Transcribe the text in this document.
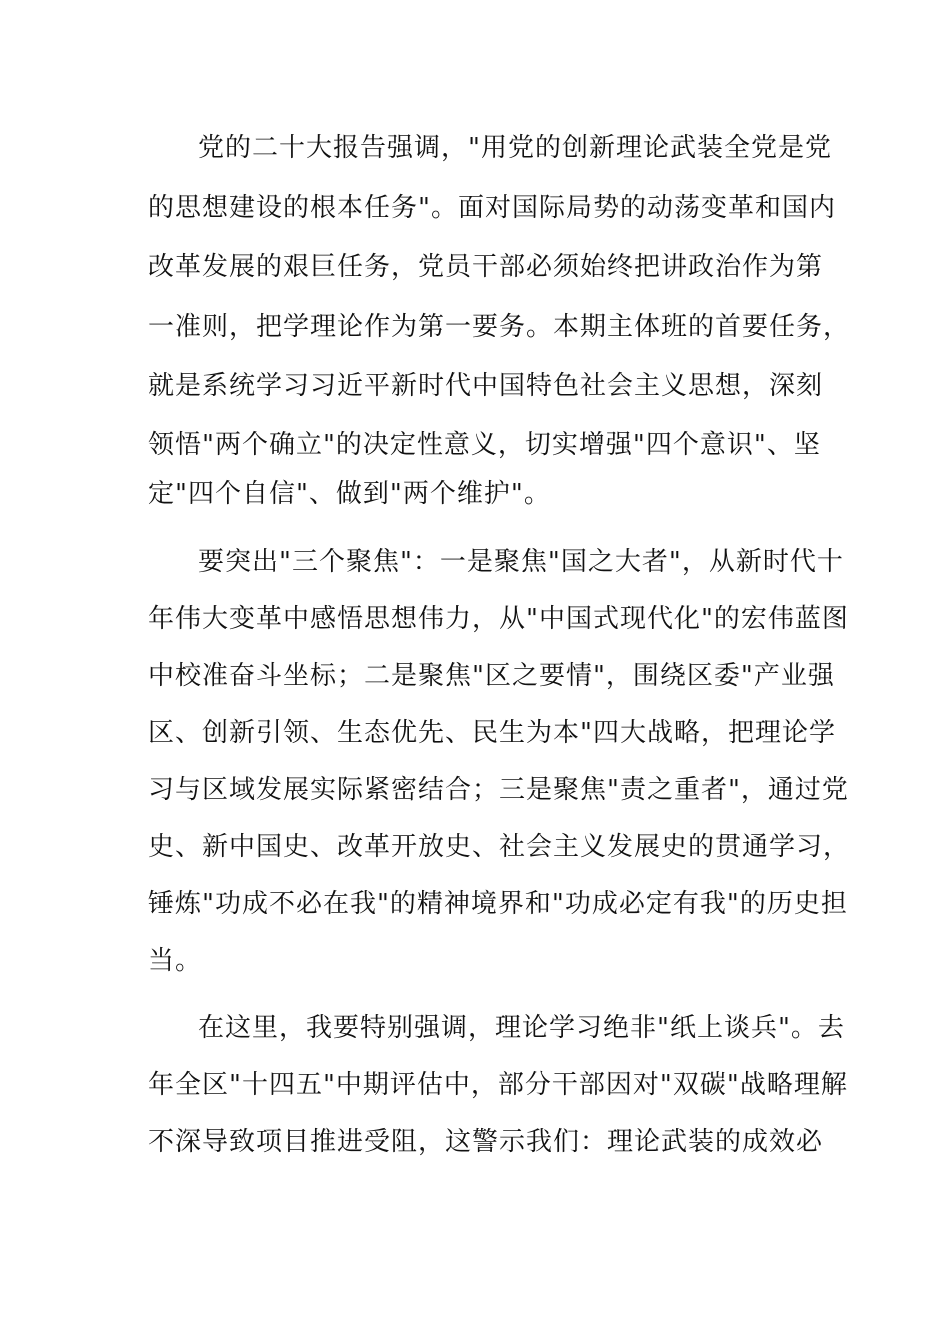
党的二十大报告强调，"用党的创新理论武装全党是党
的思想建设的根本任务"。面对国际局势的动荡变革和国内
改革发展的艰巨任务，党员干部必须始终把讲政治作为第
一准则，把学理论作为第一要务。本期主体班的首要任务，
就是系统学习习近平新时代中国特色社会主义思想，深刻
领悟"两个确立"的决定性意义，切实增强"四个意识"、坚
定"四个自信"、做到"两个维护"。
要突出"三个聚焦"：一是聚焦"国之大者"，从新时代十
年伟大变革中感悟思想伟力，从"中国式现代化"的宏伟蓝图
中校准奋斗坐标；二是聚焦"区之要情"，围绕区委"产业强
区、创新引领、生态优先、民生为本"四大战略，把理论学
习与区域发展实际紧密结合；三是聚焦"责之重者"，通过党
史、新中国史、改革开放史、社会主义发展史的贯通学习，
锤炼"功成不必在我"的精神境界和"功成必定有我"的历史担
当。
在这里，我要特别强调，理论学习绝非"纸上谈兵"。去
年全区"十四五"中期评估中，部分干部因对"双碳"战略理解
不深导致项目推进受阻，这警示我们：理论武装的成效必
